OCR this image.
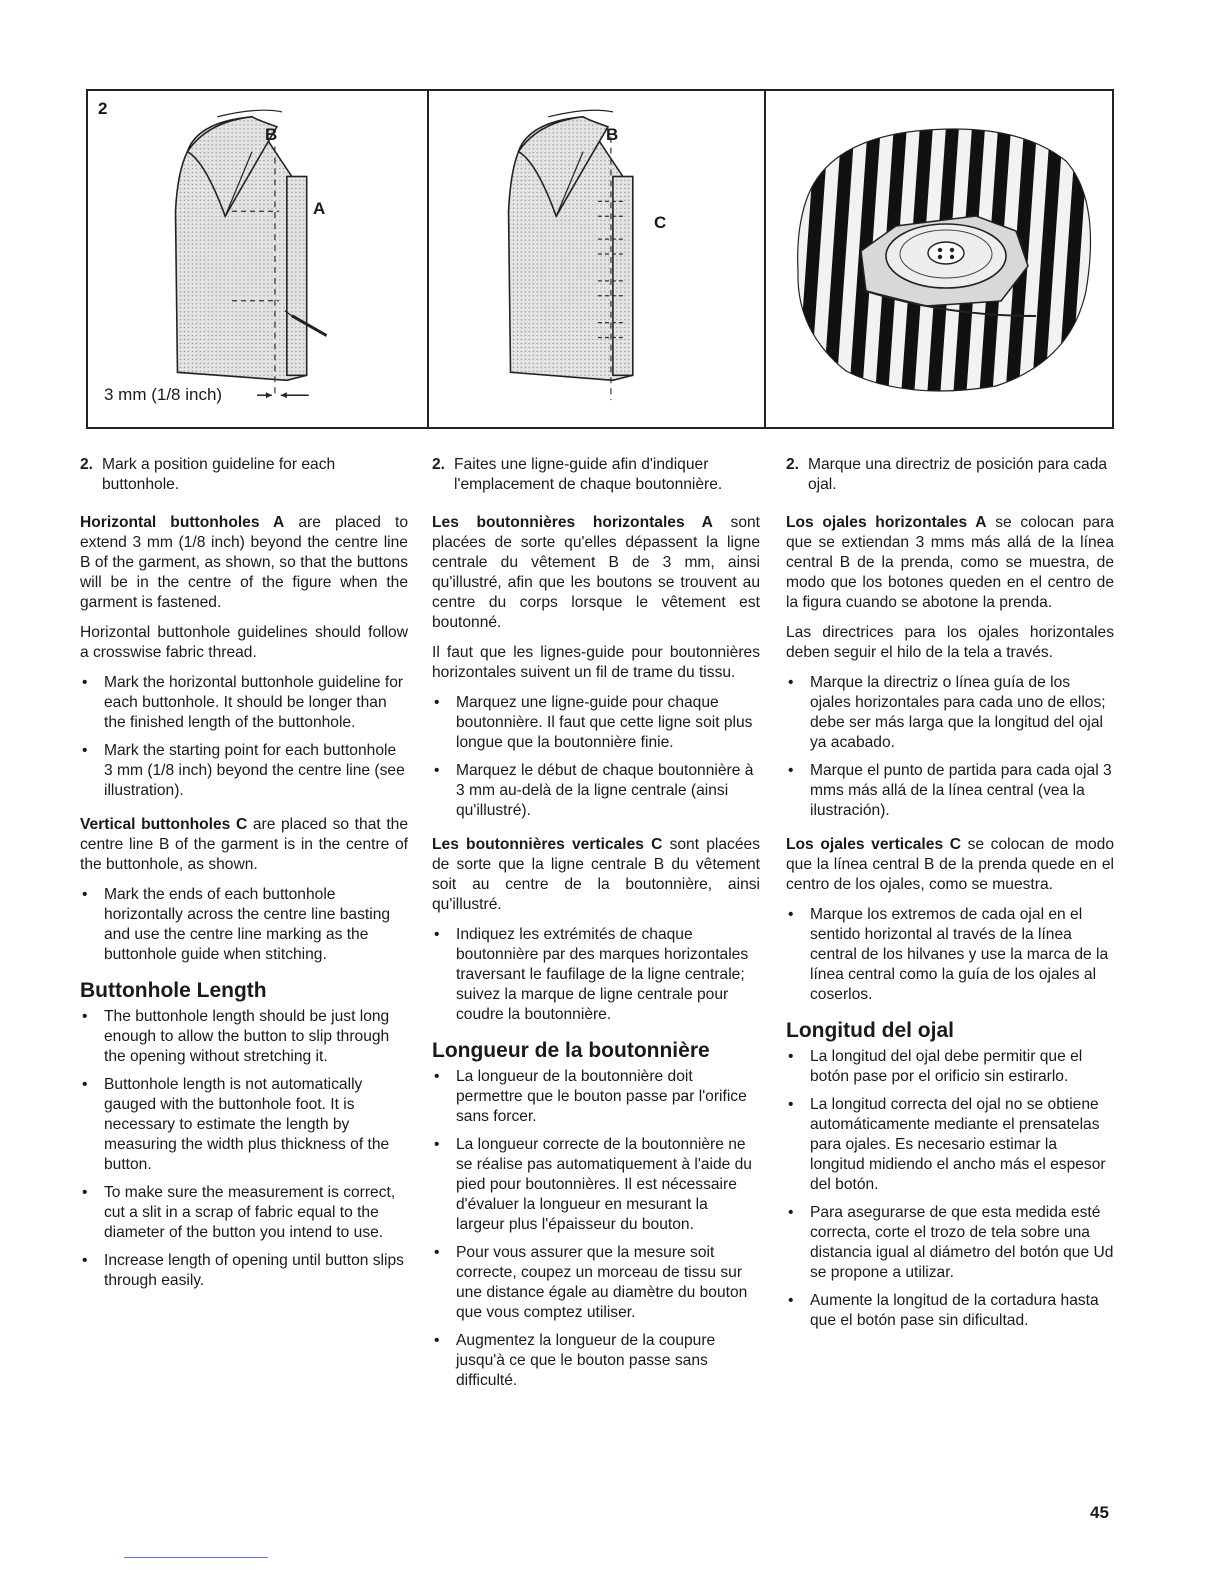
2
B
A
3 mm (1/8 inch)
B
C
2. Mark a position guideline for each buttonhole.

Horizontal buttonholes A are placed to extend 3 mm (1/8 inch) beyond the centre line B of the garment, as shown, so that the buttons will be in the centre of the figure when the garment is fastened.

Horizontal buttonhole guidelines should follow a crosswise fabric thread.

•	Mark the horizontal buttonhole guideline for each buttonhole. It should be longer than the finished length of the buttonhole.
•	Mark the starting point for each buttonhole 3 mm (1/8 inch) beyond the centre line (see illustration).

Vertical buttonholes C are placed so that the centre line B of the garment is in the centre of the buttonhole, as shown.

•	Mark the ends of each buttonhole horizontally across the centre line basting and use the centre line marking as the buttonhole guide when stitching.
Buttonhole Length
•	The buttonhole length should be just long enough to allow the button to slip through the opening without stretching it.
•	Buttonhole length is not automatically gauged with the buttonhole foot. It is necessary to estimate the length by measuring the width plus thickness of the button.
•	To make sure the measurement is correct, cut a slit in a scrap of fabric equal to the diameter of the button you intend to use.
•	Increase length of opening until button slips through easily.
2. Faites une ligne-guide afin d'indiquer l'emplacement de chaque boutonnière.

Les boutonnières horizontales A sont placées de sorte qu'elles dépassent la ligne centrale du vêtement B de 3 mm, ainsi qu'illustré, afin que les boutons se trouvent au centre du corps lorsque le vêtement est boutonné.

Il faut que les lignes-guide pour boutonnières horizontales suivent un fil de trame du tissu.

•	Marquez une ligne-guide pour chaque boutonnière. Il faut que cette ligne soit plus longue que la boutonnière finie.
•	Marquez le début de chaque boutonnière à 3 mm au-delà de la ligne centrale (ainsi qu'illustré).

Les boutonnières verticales C sont placées de sorte que la ligne centrale B du vêtement soit au centre de la boutonnière, ainsi qu'illustré.

•	Indiquez les extrémités de chaque boutonnière par des marques horizontales traversant le faufilage de la ligne centrale; suivez la marque de ligne centrale pour coudre la boutonnière.
Longueur de la boutonnière
•	La longueur de la boutonnière doit permettre que le bouton passe par l'orifice sans forcer.
•	La longueur correcte de la boutonnière ne se réalise pas automatiquement à l'aide du pied pour boutonnières. Il est nécessaire d'évaluer la longueur en mesurant la largeur plus l'épaisseur du bouton.
•	Pour vous assurer que la mesure soit correcte, coupez un morceau de tissu sur une distance égale au diamètre du bouton que vous comptez utiliser.
•	Augmentez la longueur de la coupure jusqu'à ce que le bouton passe sans difficulté.
2. Marque una directriz de posición para cada ojal.

Los ojales horizontales A se colocan para que se extiendan 3 mms más allá de la línea central B de la prenda, como se muestra, de modo que los botones queden en el centro de la figura cuando se abotone la prenda.

Las directrices para los ojales horizontales deben seguir el hilo de la tela a través.

•	Marque la directriz o línea guía de los ojales horizontales para cada uno de ellos; debe ser más larga que la longitud del ojal ya acabado.
•	Marque el punto de partida para cada ojal 3 mms más allá de la línea central (vea la ilustración).

Los ojales verticales C se colocan de modo que la línea central B de la prenda quede en el centro de los ojales, como se muestra.

•	Marque los extremos de cada ojal en el sentido horizontal al través de la línea central de los hilvanes y use la marca de la línea central como la guía de los ojales al coserlos.
Longitud del ojal
•	La longitud del ojal debe permitir que el botón pase por el orificio sin estirarlo.
•	La longitud correcta del ojal no se obtiene automáticamente mediante el prensatelas para ojales. Es necesario estimar la longitud midiendo el ancho más el espesor del botón.
•	Para asegurarse de que esta medida esté correcta, corte el trozo de tela sobre una distancia igual al diámetro del botón que Ud se propone a utilizar.
•	Aumente la longitud de la cortadura hasta que el botón pase sin dificultad.
45
